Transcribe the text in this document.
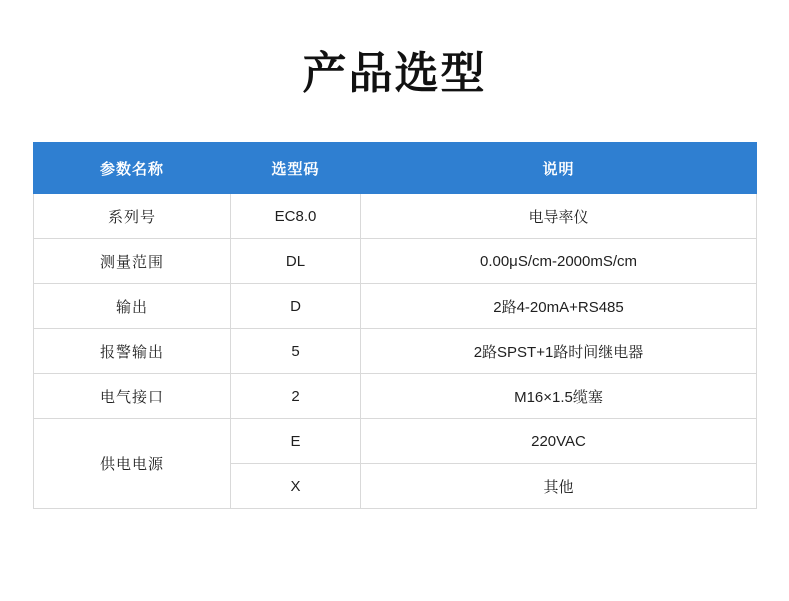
产品选型
参数名称	选型码	说明
系列号	EC8.0	电导率仪
测量范围	DL	0.00μS/cm-2000mS/cm
输出	D	2路4-20mA+RS485
报警输出	5	2路SPST+1路时间继电器
电气接口	2	M16×1.5缆塞
供电电源	E	220VAC
	X	其他
